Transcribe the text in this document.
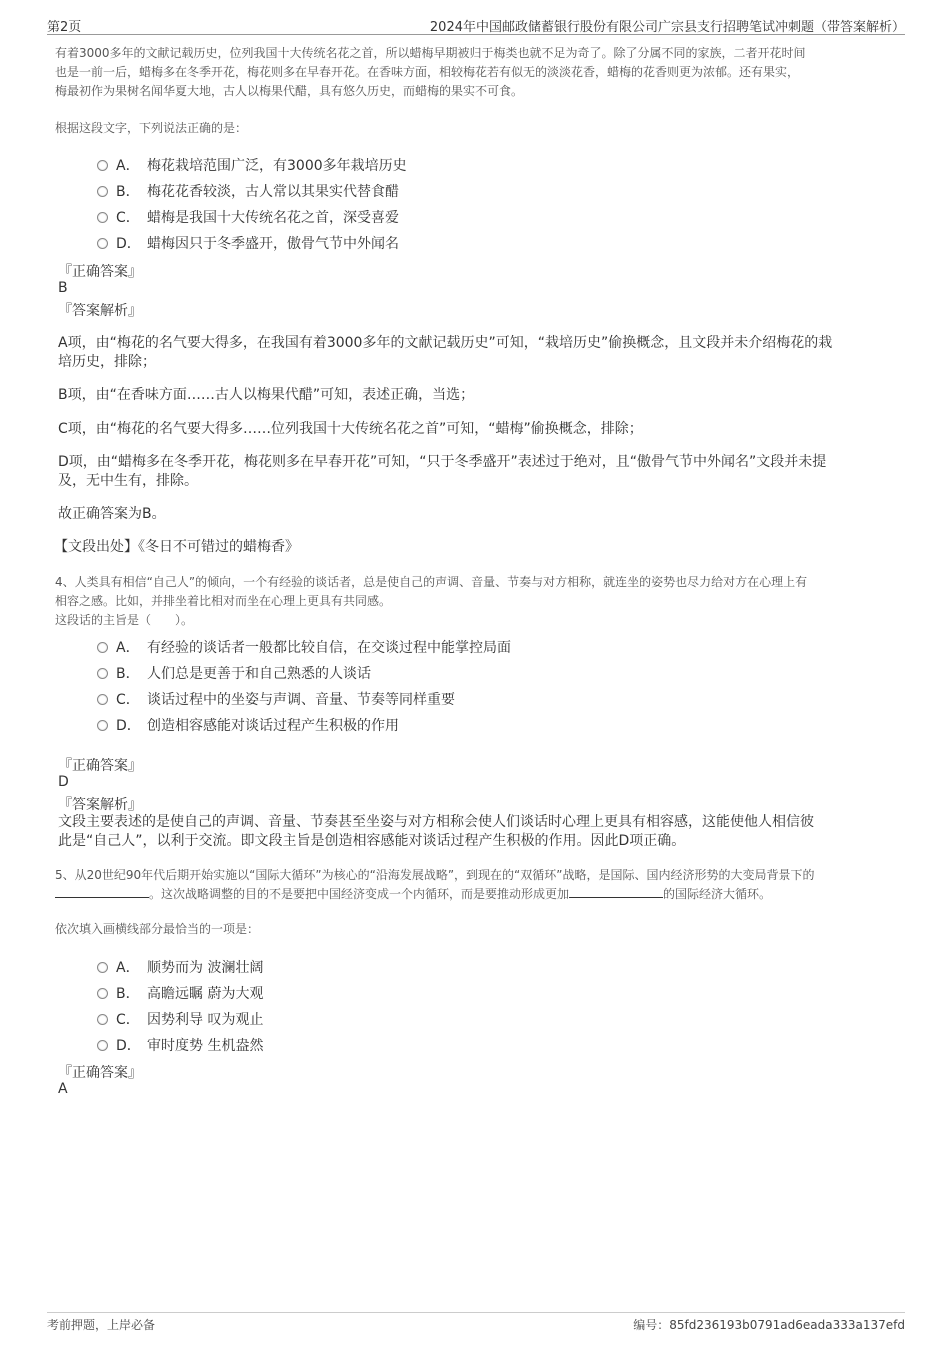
第2页	2024年中国邮政储蓄银行股份有限公司广宗县支行招聘笔试冲刺题（带答案解析）
有着3000多年的文献记载历史，位列我国十大传统名花之首，所以蜡梅早期被归于梅类也就不足为奇了。除了分属不同的家族，二者开花时间
也是一前一后，蜡梅多在冬季开花，梅花则多在早春开花。在香味方面，相较梅花若有似无的淡淡花香，蜡梅的花香则更为浓郁。还有果实，
梅最初作为果树名闻华夏大地，古人以梅果代醋，具有悠久历史，而蜡梅的果实不可食。
根据这段文字，下列说法正确的是：
A． 梅花栽培范围广泛，有3000多年栽培历史
B． 梅花花香较淡，古人常以其果实代替食醋
C． 蜡梅是我国十大传统名花之首，深受喜爱
D． 蜡梅因只于冬季盛开，傲骨气节中外闻名
『正确答案』
B
『答案解析』
A项，由“梅花的名气要大得多，在我国有着3000多年的文献记载历史”可知，“栽培历史”偷换概念，且文段并未介绍梅花的栽
培历史，排除；
B项，由“在香味方面……古人以梅果代醋”可知，表述正确，当选；
C项，由“梅花的名气要大得多……位列我国十大传统名花之首”可知，“蜡梅”偷换概念，排除；
D项，由“蜡梅多在冬季开花，梅花则多在早春开花”可知，“只于冬季盛开”表述过于绝对，且“傲骨气节中外闻名”文段并未提
及，无中生有，排除。
故正确答案为B。
【文段出处】《冬日不可错过的蜡梅香》
4、人类具有相信“自己人”的倾向，一个有经验的谈话者，总是使自己的声调、音量、节奏与对方相称，就连坐的姿势也尽力给对方在心理上有
相容之感。比如，并排坐着比相对而坐在心理上更具有共同感。
这段话的主旨是（　　）。
A． 有经验的谈话者一般都比较自信，在交谈过程中能掌控局面
B． 人们总是更善于和自己熟悉的人谈话
C． 谈话过程中的坐姿与声调、音量、节奏等同样重要
D． 创造相容感能对谈话过程产生积极的作用
『正确答案』
D
『答案解析』
文段主要表述的是使自己的声调、音量、节奏甚至坐姿与对方相称会使人们谈话时心理上更具有相容感，这能使他人相信彼
此是“自己人”，以利于交流。即文段主旨是创造相容感能对谈话过程产生积极的作用。因此D项正确。
5、从20世纪90年代后期开始实施以“国际大循环”为核心的“沿海发展战略”，到现在的“双循环”战略，是国际、国内经济形势的大变局背景下的
。这次战略调整的目的不是要把中国经济变成一个内循环，而是要推动形成更加	的国际经济大循环。
依次填入画横线部分最恰当的一项是：
A． 顺势而为 波澜壮阔
B． 高瞻远瞩 蔚为大观
C． 因势利导 叹为观止
D． 审时度势 生机盎然
『正确答案』
A
考前押题，上岸必备	编号：85fd236193b0791ad6eada333a137efd
